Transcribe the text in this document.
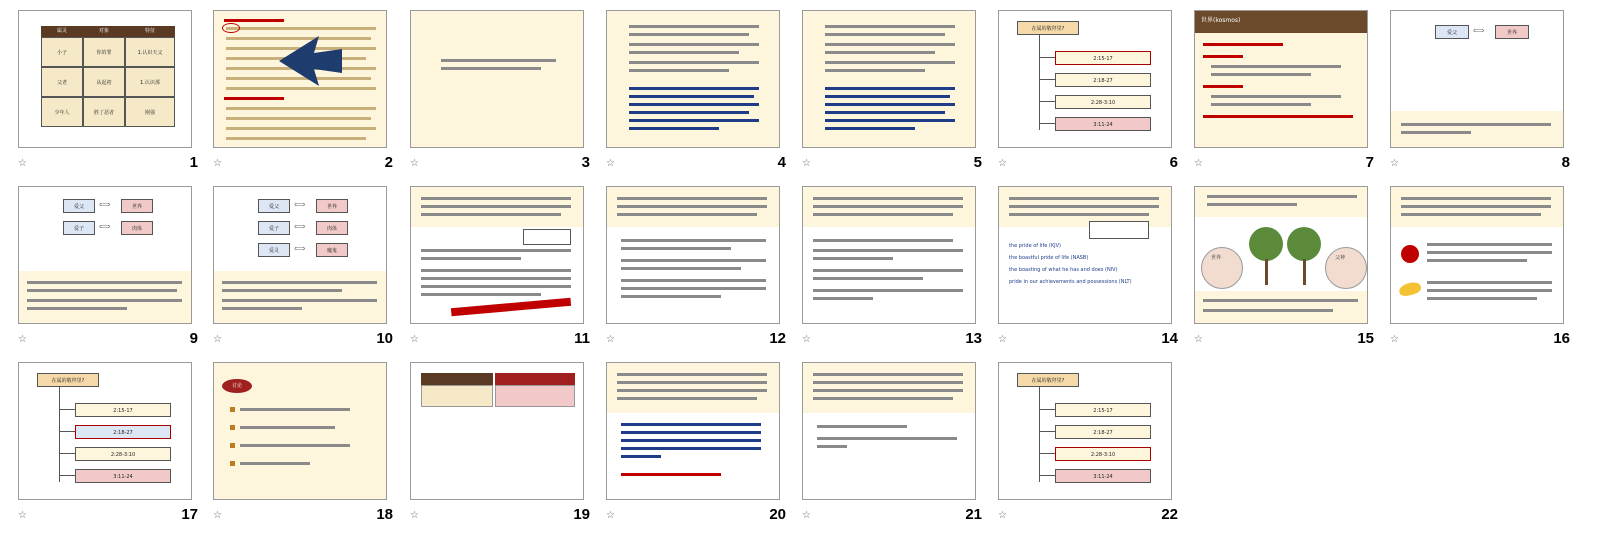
属灵	对象	特征
小子	你的罪	1.认识天父
父老	从起初	1.认识那
少年人	胜了恶者	刚强
☆	1 ☆	2 ☆	3 ☆	4 ☆	5
在属的敬拜里?
2:15-17
2:18-27
2:28-3:10
3:11-24
☆	6
世界(kosmos)
☆	7
爱父	⟺	世界
☆	8
爱父	⟺	世界
爱子	⟺	肉体
☆	9
爱父	⟺	世界
爱子	⟺	肉体
爱灵	⟺	魔鬼
☆	10 ☆	11 ☆	12 ☆	13
the pride of life (KJV)
the boastful pride of life (NASB)
the boasting of what he has and does (NIV)
pride in our achievements and possessions (NLT)
☆	14
世界	父神
☆	15 ☆	16
在属的敬拜里?
2:15-17
2:18-27
2:28-3:10
3:11-24
☆	17
讨论
☆	18 ☆	19 ☆	20 ☆	21
在属的敬拜里?
2:15-17
2:18-27
2:28-3:10
3:11-24
☆	22
